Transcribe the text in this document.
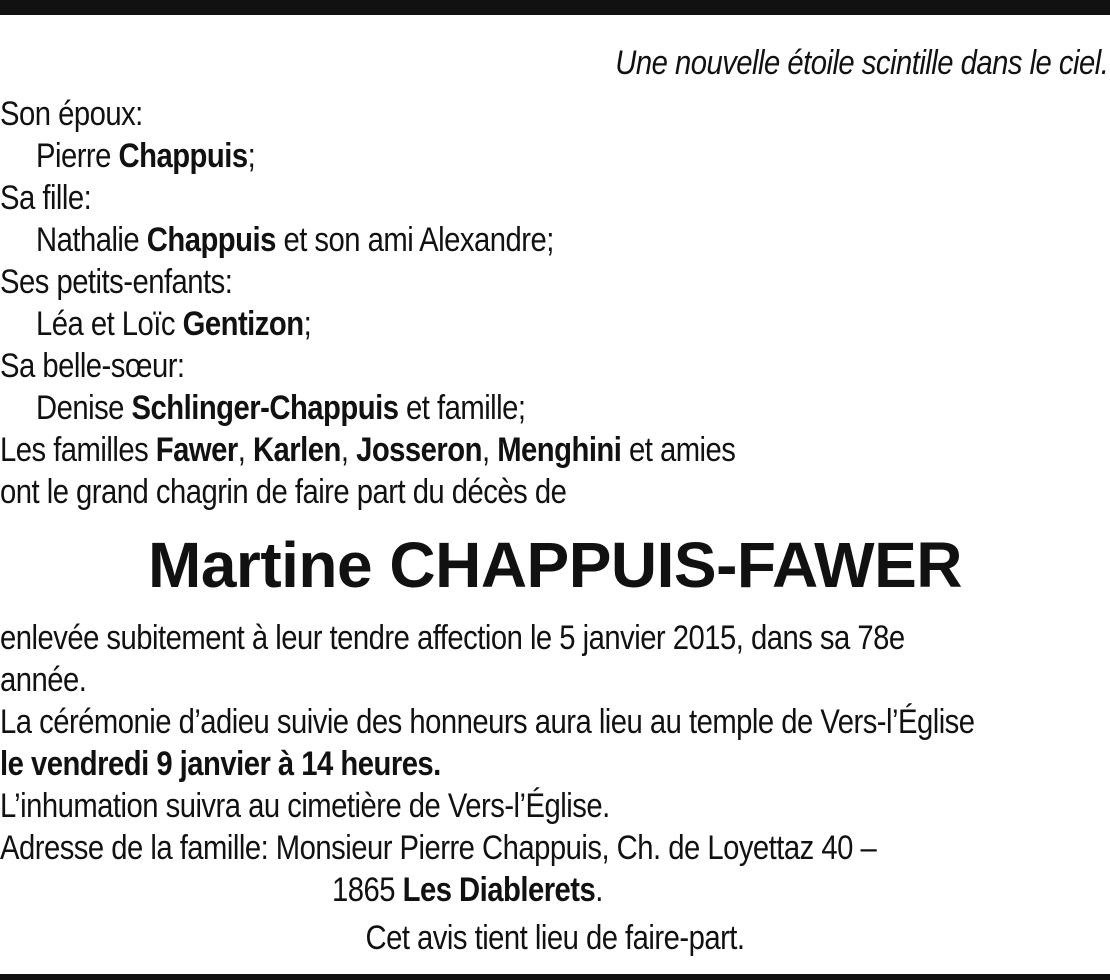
Une nouvelle étoile scintille dans le ciel.
Son époux:
Pierre Chappuis;
Sa fille:
Nathalie Chappuis et son ami Alexandre;
Ses petits-enfants:
Léa et Loïc Gentizon;
Sa belle-sœur:
Denise Schlinger-Chappuis et famille;
Les familles Fawer, Karlen, Josseron, Menghini et amies
ont le grand chagrin de faire part du décès de
Martine CHAPPUIS-FAWER
enlevée subitement à leur tendre affection le 5 janvier 2015, dans sa 78e
année.
La cérémonie d’adieu suivie des honneurs aura lieu au temple de Vers-l’Église
le vendredi 9 janvier à 14 heures.
L’inhumation suivra au cimetière de Vers-l’Église.
Adresse de la famille: Monsieur Pierre Chappuis, Ch. de Loyettaz 40 –
1865 Les Diablerets.
Cet avis tient lieu de faire-part.
